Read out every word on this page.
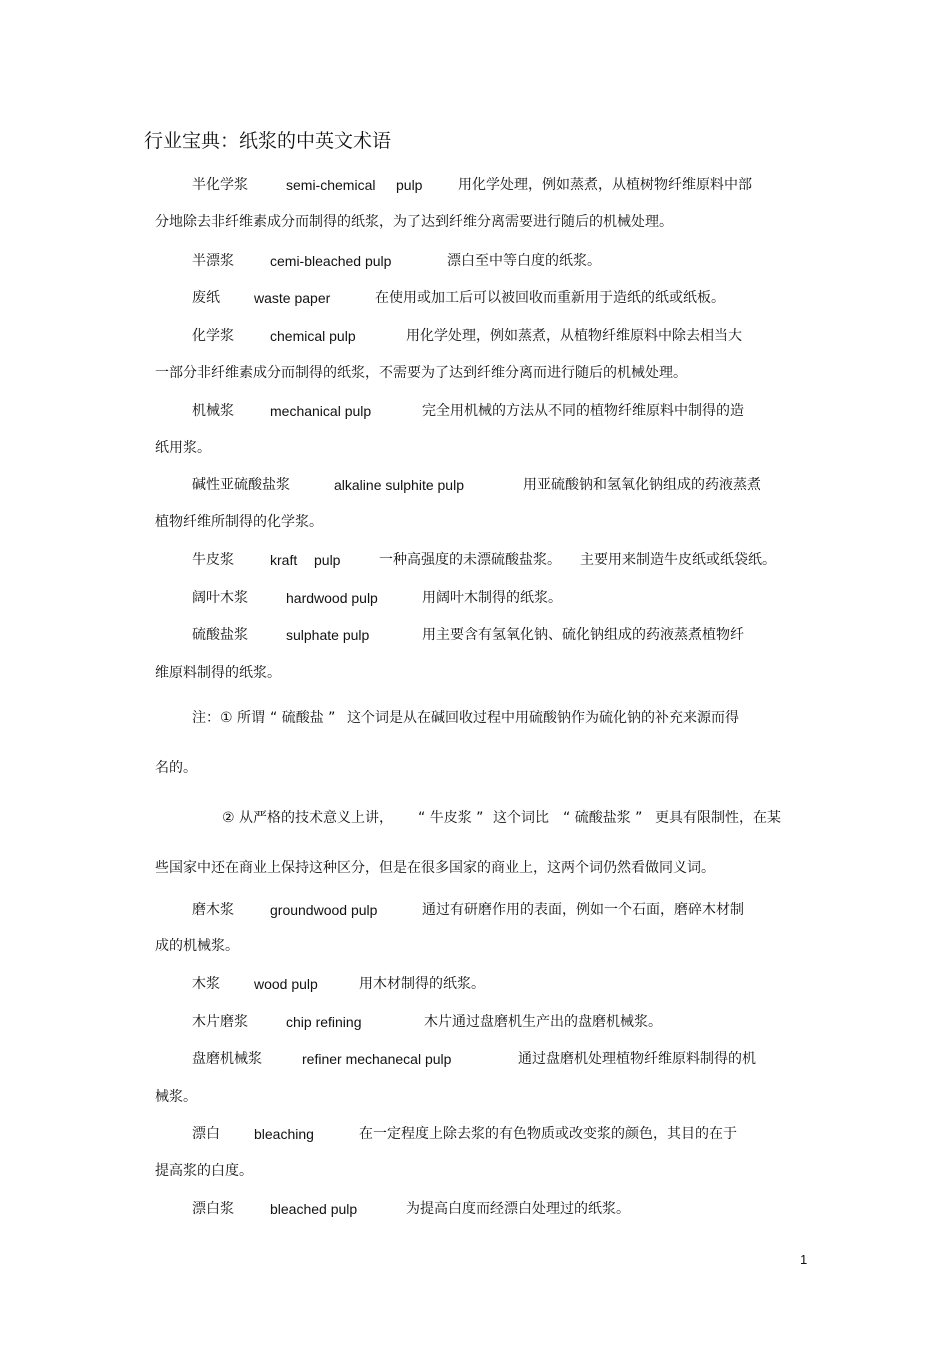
行业宝典：纸浆的中英文术语
半化学浆	semi-chemical pulp	用化学处理，例如蒸煮，从植树物纤维原料中部
分地除去非纤维素成分而制得的纸浆，为了达到纤维分离需要进行随后的机械处理。
半漂浆	cemi-bleached pulp	漂白至中等白度的纸浆。
废纸 waste paper	在使用或加工后可以被回收而重新用于造纸的纸或纸板。
化学浆	chemical pulp	用化学处理，例如蒸煮，从植物纤维原料中除去相当大
一部分非纤维素成分而制得的纸浆，不需要为了达到纤维分离而进行随后的机械处理。
机械浆	mechanical pulp	完全用机械的方法从不同的植物纤维原料中制得的造
纸用浆。
碱性亚硫酸盐浆	alkaline sulphite pulp	用亚硫酸钠和氢氧化钠组成的药液蒸煮
植物纤维所制得的化学浆。
牛皮浆	kraft pulp	一种高强度的未漂硫酸盐浆。 主要用来制造牛皮纸或纸袋纸。
阔叶木浆	hardwood pulp	用阔叶木制得的纸浆。
硫酸盐浆	sulphate pulp	用主要含有氢氧化钠、硫化钠组成的药液蒸煮植物纤
维原料制得的纸浆。
注：① 所谓 “ 硫酸盐 ” 这个词是从在碱回收过程中用硫酸钠作为硫化钠的补充来源而得
名的。
② 从严格的技术意义上讲， “ 牛皮浆 ” 这个词比 “ 硫酸盐浆 ” 更具有限制性，在某
些国家中还在商业上保持这种区分，但是在很多国家的商业上，这两个词仍然看做同义词。
磨木浆	groundwood pulp	通过有研磨作用的表面，例如一个石面，磨碎木材制
成的机械浆。
木浆 wood pulp	用木材制得的纸浆。
木片磨浆	chip refining	木片通过盘磨机生产出的盘磨机械浆。
盘磨机械浆	refiner mechanecal pulp	通过盘磨机处理植物纤维原料制得的机
械浆。
漂白 bleaching	在一定程度上除去浆的有色物质或改变浆的颜色，其目的在于
提高浆的白度。
漂白浆	bleached pulp	为提高白度而经漂白处理过的纸浆。
1
